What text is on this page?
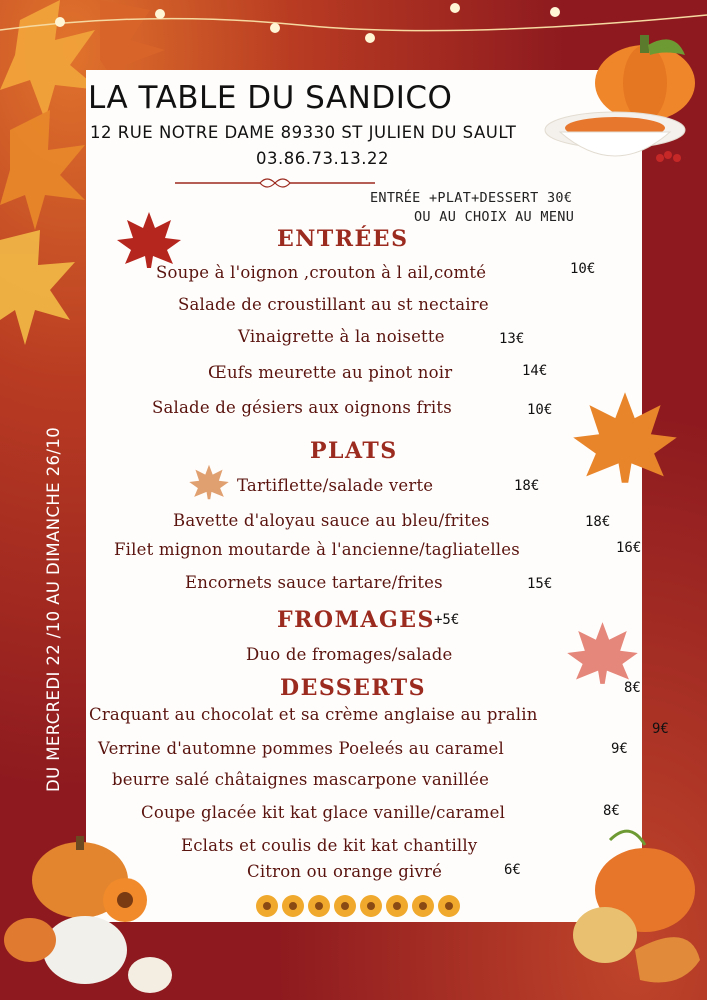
LA TABLE DU SANDICO
12 RUE NOTRE DAME 89330 ST JULIEN DU SAULT
03.86.73.13.22
ENTRÉE +PLAT+DESSERT 30€
OU AU CHOIX AU MENU
ENTRÉES
Soupe à l'oignon ,crouton à l ail,comté	10€
Salade de croustillant au st nectaire
Vinaigrette à la noisette	13€
Œufs meurette au pinot noir	14€
Salade de gésiers aux oignons frits	10€
PLATS
Tartiflette/salade verte	18€
Bavette d'aloyau sauce au bleu/frites	18€
Filet mignon moutarde à l'ancienne/tagliatelles	16€
Encornets sauce tartare/frites	15€
FROMAGES +5€
Duo de fromages/salade
DESSERTS	8€
Craquant au chocolat et sa crème anglaise au pralin
9€
Verrine d'automne pommes Poeleés au caramel	9€
beurre salé châtaignes mascarpone vanillée
Coupe glacée kit kat glace vanille/caramel	8€
Eclats et coulis de kit kat chantilly
Citron ou orange givré	6€
DU MERCREDI 22 /10 AU DIMANCHE 26/10
